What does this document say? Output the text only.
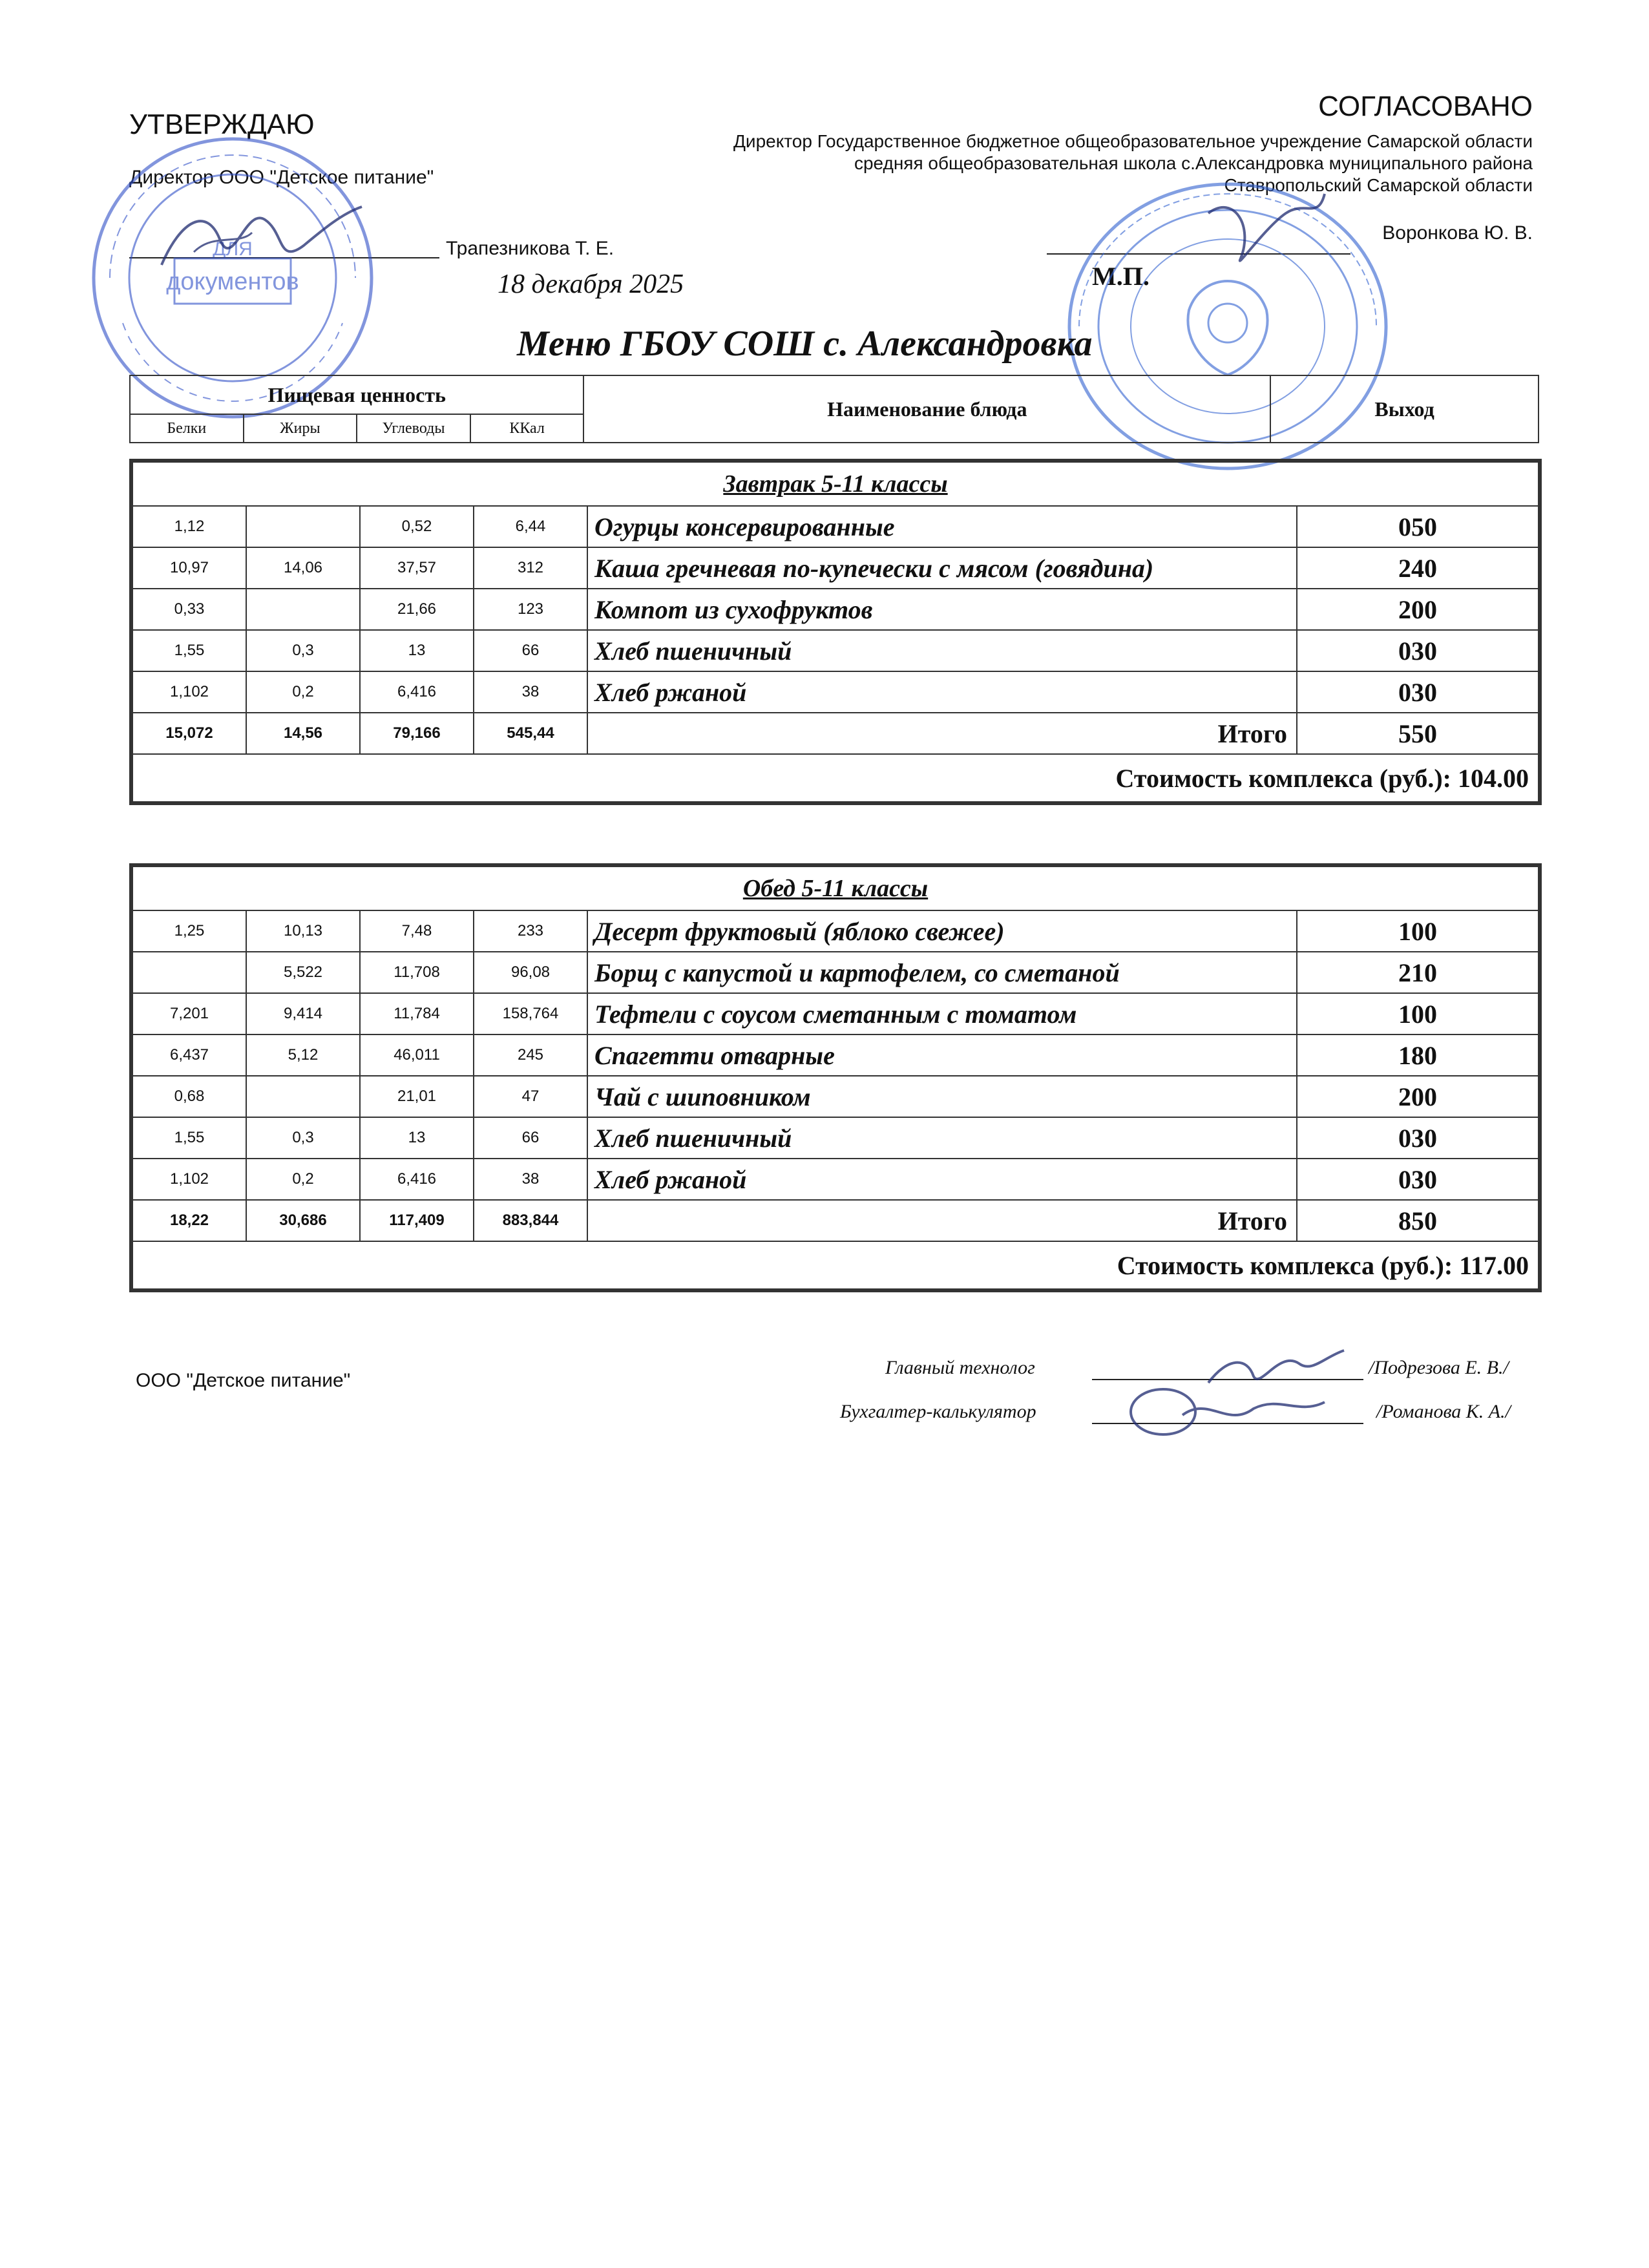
УТВЕРЖДАЮ
Директор ООО "Детское питание"
Трапезникова Т. Е.
18 декабря 2025
СОГЛАСОВАНО
Директор Государственное бюджетное общеобразовательное учреждение Самарской области средняя общеобразовательная школа с.Александровка муниципального района Ставропольский Самарской области
Воронкова Ю. В.
М.П.
документов
ДЛЯ
Меню ГБОУ СОШ с. Александровка
Пищевая ценность				Наименование блюда	Выход
Белки	Жиры	Углеводы	ККал		
Завтрак 5-11 классы					
1,12		0,52	6,44	Огурцы консервированные	050
10,97	14,06	37,57	312	Каша гречневая по-купечески с мясом (говядина)	240
0,33		21,66	123	Компот из сухофруктов	200
1,55	0,3	13	66	Хлеб пшеничный	030
1,102	0,2	6,416	38	Хлеб ржаной	030
15,072	14,56	79,166	545,44	Итого	550
Стоимость комплекса (руб.): 104.00					
Обед 5-11 классы					
1,25	10,13	7,48	233	Десерт фруктовый (яблоко свежее)	100
	5,522	11,708	96,08	Борщ с капустой и картофелем, со сметаной	210
7,201	9,414	11,784	158,764	Тефтели с соусом сметанным с томатом	100
6,437	5,12	46,011	245	Спагетти отварные	180
0,68		21,01	47	Чай с шиповником	200
1,55	0,3	13	66	Хлеб пшеничный	030
1,102	0,2	6,416	38	Хлеб ржаной	030
18,22	30,686	117,409	883,844	Итого	850
Стоимость комплекса (руб.): 117.00					
ООО "Детское питание"
Главный технолог	/Подрезова Е. В./
Бухгалтер-калькулятор	/Романова К. А./
